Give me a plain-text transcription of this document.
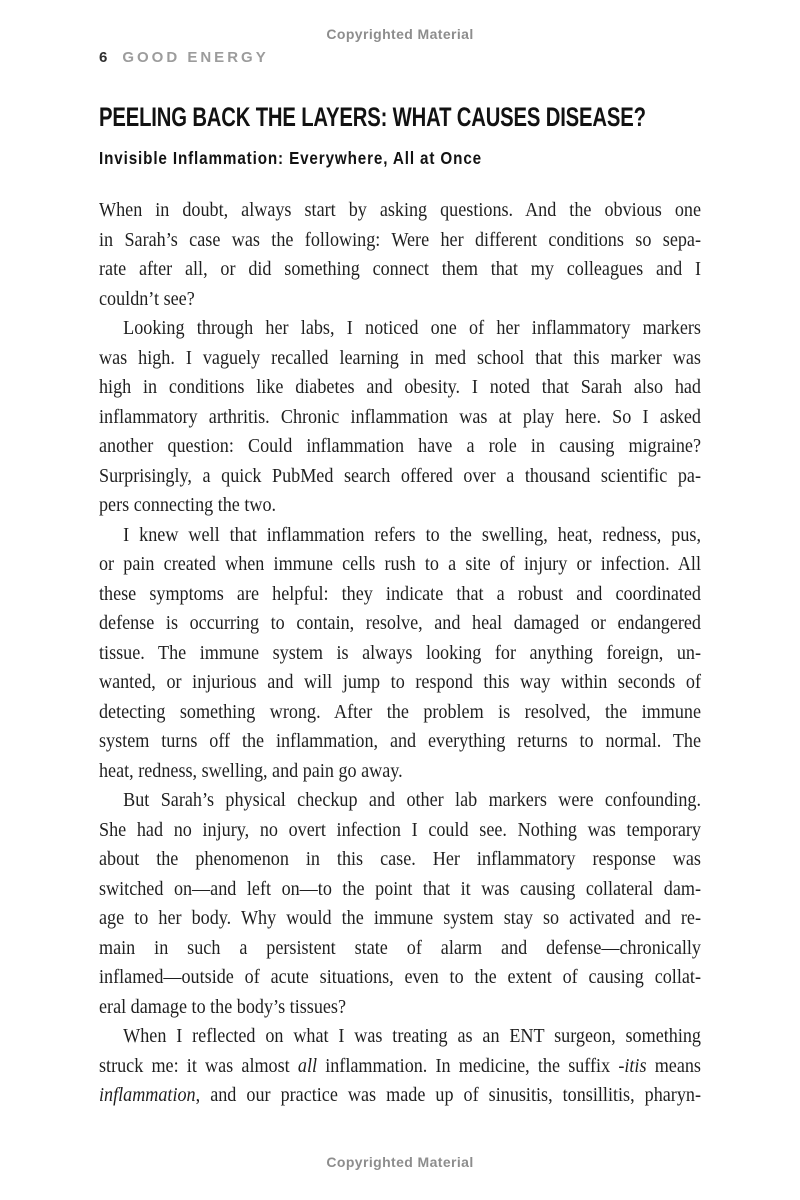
Copyrighted Material
6 GOOD ENERGY
PEELING BACK THE LAYERS: WHAT CAUSES DISEASE?
Invisible Inflammation: Everywhere, All at Once
When in doubt, always start by asking questions. And the obvious one
in Sarah’s case was the following: Were her different conditions so sepa-
rate after all, or did something connect them that my colleagues and I
couldn’t see?
Looking through her labs, I noticed one of her inflammatory markers
was high. I vaguely recalled learning in med school that this marker was
high in conditions like diabetes and obesity. I noted that Sarah also had
inflammatory arthritis. Chronic inflammation was at play here. So I asked
another question: Could inflammation have a role in causing migraine?
Surprisingly, a quick PubMed search offered over a thousand scientific pa-
pers connecting the two.
I knew well that inflammation refers to the swelling, heat, redness, pus,
or pain created when immune cells rush to a site of injury or infection. All
these symptoms are helpful: they indicate that a robust and coordinated
defense is occurring to contain, resolve, and heal damaged or endangered
tissue. The immune system is always looking for anything foreign, un-
wanted, or injurious and will jump to respond this way within seconds of
detecting something wrong. After the problem is resolved, the immune
system turns off the inflammation, and everything returns to normal. The
heat, redness, swelling, and pain go away.
But Sarah’s physical checkup and other lab markers were confounding.
She had no injury, no overt infection I could see. Nothing was temporary
about the phenomenon in this case. Her inflammatory response was
switched on—and left on—to the point that it was causing collateral dam-
age to her body. Why would the immune system stay so activated and re-
main in such a persistent state of alarm and defense—chronically
inflamed—outside of acute situations, even to the extent of causing collat-
eral damage to the body’s tissues?
When I reflected on what I was treating as an ENT surgeon, something
struck me: it was almost all inflammation. In medicine, the suffix -itis means
inflammation, and our practice was made up of sinusitis, tonsillitis, pharyn-
Copyrighted Material
